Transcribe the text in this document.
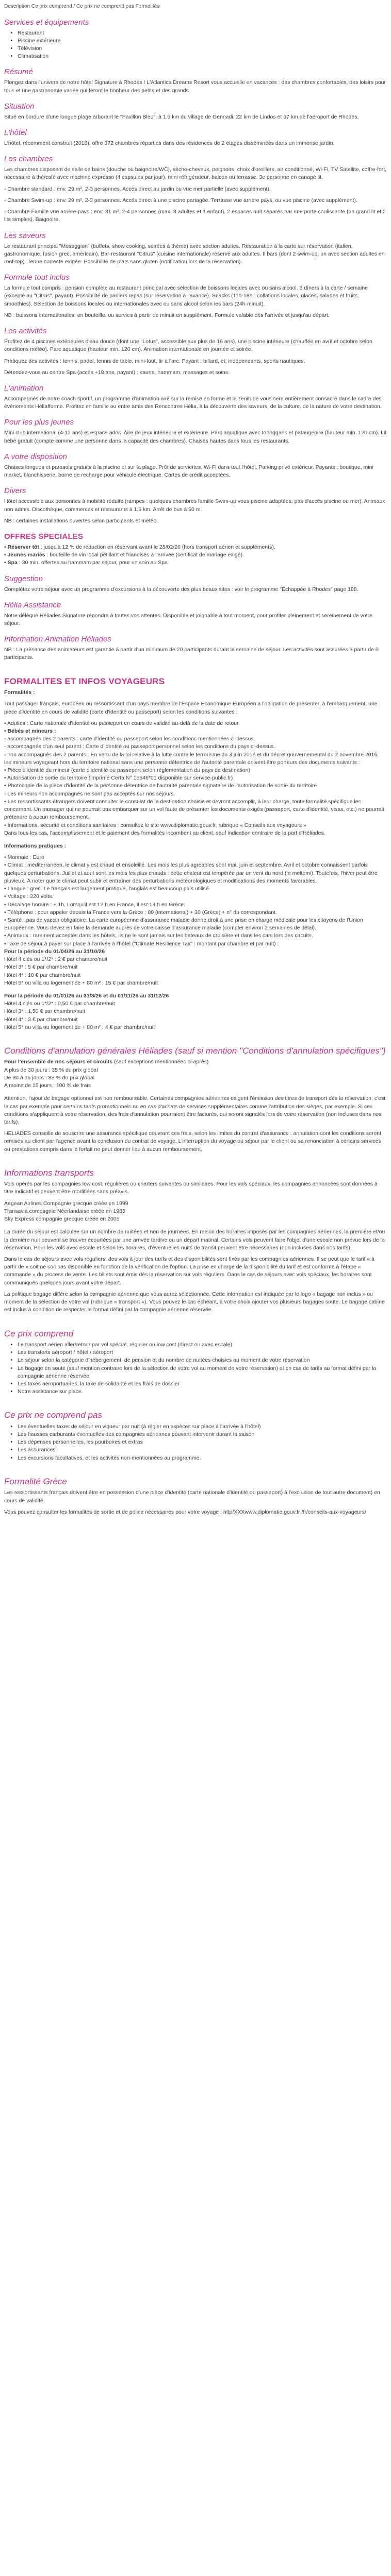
Description Ce prix comprend / Ce prix ne comprend pas Formalités
Services et équipements
• Restaurant
• Piscine extérieure
• Télévision
• Climatisation
Résumé

Plongez dans l'univers de notre hôtel Signature à Rhodes ! L'Atlantica Dreams Resort vous accueille en vacances : des chambres confortables, des loisirs pour tous et une gastronomie variée qui feront le bonheur des petits et des grands.

Situation

Situé en bordure d'une longue plage arborant le "Pavillon Bleu", à 1,5 km du village de Gennadi, 22 km de Lindos et 67 km de l'aéroport de Rhodes.

L'hôtel

L'hôtel, récemment construit (2018), offre 372 chambres réparties dans des résidences de 2 étages disséminées dans un immense jardin.

Les chambres

Les chambres disposent de salle de bains (douche ou baignoire/WC), sèche-cheveux, peignoirs, choix d'oreillers, air conditionné, Wi-Fi, TV Satellite, coffre-fort, nécessaire à thé/café avec machine expresso (4 capsules par jour), mini réfrigérateur, balcon ou terrasse. 3e personne en canapé lit.

- Chambre standard : env. 29 m², 2-3 personnes. Accès direct au jardin ou vue mer partielle (avec supplément).

- Chambre Swim-up : env. 29 m², 2-3 personnes. Accès direct à une piscine partagée. Terrasse vue arrière pays, ou vue piscine (avec supplément).

- Chambre Famille vue arrière-pays : env. 31 m², 2-4 personnes (max. 3 adultes et 1 enfant). 2 espaces nuit séparés par une porte coulissante (un grand lit et 2 lits simples). Baignoire.

Les saveurs

Le restaurant principal "Mosaggion" (buffets, show cooking, soirées à thème) avec section adultes. Restauration à la carte sur réservation (italien, gastronomique, fusion grec, américain). Bar-restaurant "Citrus" (cuisine internationale) réservé aux adultes. Il bars (dont 2 swim-up, un avec section adultes en roof-top). Tenue correcte exigée. Possibilité de plats sans gluten (notification lors de la réservation).

Formule tout inclus

La formule tout compris : pension complète au restaurant principal avec sélection de boissons locales avec ou sans alcool. 3 dîners à la carte / semaine (excepté au "Citrus", payant). Possibilité de paniers repas (sur réservation à l'avance). Snacks (11h-18h : collations locales, glaces, salades et fruits, smoothies). Sélection de boissons locales ou internationales avec ou sans alcool selon les bars (24h-minuit).

NB : boissons internationales, en bouteille, ou servies à partir de minuit en supplément. Formule valable dès l'arrivée et jusqu'au départ.

Les activités

Profitez de 4 piscines extérieures d'eau douce (dont une "Lotus", accessible aux plus de 16 ans), une piscine intérieure (chauffée en avril et octobre selon conditions météo). Parc aquatique (hauteur min. 120 cm). Animation internationale en journée et soirée.

Pratiquez des activités : tennis, padel, tennis de table, mini-foot, tir à l'arc. Payant : billard, et, indépendants, sports nautiques.

Détendez-vous au centre Spa (accès +18 ans, payant) : sauna, hammam, massages et soins.

L'animation

Accompagnés de notre coach sportif, un programme d'animation axé sur la remise en forme et la zenitude vous sera entièrement consacré dans le cadre des événements Héliafforme. Profitez en famille ou entre amis des Rencontres Hélia, à la découverte des saveurs, de la culture, de la nature de votre destination.

Pour les plus jeunes

Mini club international (4-12 ans) et espace ados. Aire de jeux intérieure et extérieure. Parc aquatique avec toboggans et pataugeoire (hauteur min. 120 cm). Lit bébé gratuit (compte comme une personne dans la capacité des chambres). Chaises hautes dans tous les restaurants.

A votre disposition

Chaises longues et parasols gratuits à la piscine et sur la plage. Prêt de serviettes. Wi-Fi dans tout l'hôtel. Parking privé extérieur. Payants : boutique, mini market, blanchisserie, borne de recharge pour véhicule électrique. Cartes de crédit acceptées.

Divers

Hôtel accessible aux personnes à mobilité réduite (rampes : quelques chambres famille Swim-up vous piscine adaptées, pas d'accès piscine ou mer). Animaux non admis. Discothèque, commerces et restaurants à 1,5 km. Arrêt de bus à 50 m.

NB : certaines installations ouvertes selon participants et météo.

OFFRES SPECIALES
• Réserver tôt : jusqu'à 12 % de réduction en réservant avant le 28/02/26 (hors transport aérien et suppléments).
• Jeunes mariés : bouteille de vin local pétillant et friandises à l'arrivée (certificat de mariage exigé).
• Spa : 30 min. offertes au hammam par séjour, pour un soin au Spa.
Suggestion

Complétez votre séjour avec un programme d'excursions à la découverte des plus beaux sites : voir le programme "Échappée à Rhodes" page 188.

Hélia Assistance

Notre délégué Héliades Signature répondra à toutes vos attentes. Disponible et joignable à tout moment, pour profiter pleinement et sereinement de votre séjour.

Information Animation Héliades

NB : La présence des animateurs est garantie à partir d'un minimum de 20 participants durant la semaine de séjour. Les activités sont assurées à partir de 5 participants.

FORMALITES ET INFOS VOYAGEURS

Formalités :

Tout passager français, européen ou ressortissant d'un pays membre de l'Espace Economique Européen a l'obligation de présenter, à l'embarquement, une pièce d'identité en cours de validité (carte d'identité ou passeport) selon les conditions suivantes :

• Adultes : Carte nationale d'identité ou passeport en cours de validité au-delà de la date de retour.
• Bébés et mineurs :
- accompagnés des 2 parents : carte d'identité ou passeport selon les conditions mentionnées ci-dessus.
- accompagnés d'un seul parent : Carte d'identité ou passeport personnel selon les conditions du pays ci-dessus.
- non accompagnés des 2 parents : En vertu de la loi relative à la lutte contre le terrorisme du 3 juin 2016 et du décret gouvernemental du 2 novembre 2016, les mineurs voyageant hors du territoire national sans une personne détentrice de l'autorité parentale doivent être porteurs des documents suivants :
• Pièce d'identité du mineur (carte d'identité ou passeport selon réglementation du pays de destination)
• Autorisation de sortie du territoire (imprimé Cerfa N° 15646*01 disponible sur service-public.fr)
• Photocopie de la pièce d'identité de la personne détentrice de l'autorité parentale signataire de l'autorisation de sortie du territoire
- Les mineurs non accompagnés ne sont pas acceptés sur nos séjours.
• Les ressortissants étrangers doivent consulter le consulat de la destination choisie et devront accomplir, à leur charge, toute formalité spécifique les concernant. Un passager qui ne pourrait pas embarquer sur un vol faute de présenter les documents exigés (passeport, carte d'identité, visas, etc.) ne pourrait prétendre à aucun remboursement.
• Informations, sécurité et conditions sanitaires : consultez le site www.diplomatie.gouv.fr, rubrique « Conseils aux voyageurs »
Dans tous les cas, l'accomplissement et le paiement des formalités incombent au client, sauf indication contraire de la part d'Héliades.

Informations pratiques :

• Monnaie : Euro
• Climat : méditerranéen, le climat y est chaud et ensoleillé. Les mois les plus agréables sont mai, juin et septembre. Avril et octobre connaissent parfois quelques perturbations. Juillet et aout sont les mois les plus chauds : cette chaleur est tempérée par un vent du nord (le meltemi). Toutefois, l'hiver peut être pluvieux. À noter que le climat peut subir et entraîner des perturbations météorologiques et modifications des moments favorables.
• Langue : grec. Le français est largement pratiqué, l'anglais est beaucoup plus utilisé.
• Voltage : 220 volts.
• Décalage horaire : + 1h. Lorsqu'il est 12 h en France, il est 13 h en Grèce.
• Téléphone : pour appeler depuis la France vers la Grèce : 00 (international) + 30 (Grèce) + n° du correspondant.
• Santé : pas de vaccin obligatoire. La carte européenne d'assurance maladie donne droit à une prise en charge médicale pour les citoyens de l'Union Européenne. Vous devez en faire la demande auprès de votre caisse d'assurance maladie (compter environ 2 semaines de délai).
• Animaux : rarement acceptés dans les hôtels, ils ne le sont jamais sur les bateaux de croisière et dans les cars lors des circuits.
• Taxe de séjour à payer sur place à l'arrivée à l'hôtel ("Climate Resilience Tax" : montant par chambre et par nuit) :
Pour la période du 01/04/26 au 31/10/26
Hôtel 4 clés ou 1*/2* : 2 € par chambre/nuit
Hôtel 3* : 5 € par chambre/nuit
Hôtel 4* : 10 € par chambre/nuit
Hôtel 5* ou villa ou logement de + 80 m² : 15 € par chambre/nuit
Pour la période du 01/01/26 au 31/3/26 et du 01/11/26 au 31/12/26
Hôtel 4 clés ou 1*/2* : 0,50 € par chambre/nuit
Hôtel 3* : 1,50 € par chambre/nuit
Hôtel 4* : 3 € par chambre/nuit
Hôtel 5* ou villa ou logement de + 80 m² : 4 € par chambre/nuit
Conditions d'annulation générales Héliades (sauf si mention "Conditions d'annulation spécifiques")

Pour l'ensemble de nos séjours et circuits (sauf exceptions mentionnées ci-après)

A plus de 30 jours : 35 % du prix global
De 30 à 15 jours : 85 % du prix global
A moins de 15 jours : 100 % de frais

Attention, l'ajout de bagage optionnel est non remboursable. Certaines compagnies aériennes exigent l'émission des titres de transport dès la réservation, c'est le cas par exemple pour certains tarifs promotionnels ou en cas d'achats de services supplémentaires comme l'attribution des sièges, par exemple. Si ces conditions s'appliquent à votre réservation, des frais d'annulation pourraient être facturés, qui seront signalés lors de votre réservation (non incluses dans nos tarifs).

HELIADES conseille de souscrire une assurance spécifique couvrant ces frais, selon les limites du contrat d'assurance : annulation dont les conditions seront remises au client par l'agence avant la conclusion du contrat de voyage. L'interruption du voyage ou séjour par le client ou sa renonciation à certains services ou prestations compris dans le forfait ne peut donner lieu à aucun remboursement.

Informations transports

Vols opérés par les compagnies low cost, régulières ou charters suivantes ou similaires. Pour les vols spéciaux, les compagnies annoncées sont données à titre indicatif et peuvent être modifiées sans préavis.

Aegean Airlines Compagnie grecque créée en 1999
Transavia compagnie Néerlandaise créée en 1965
Sky Express compagnie grecque créée en 2005

La durée du séjour est calculée sur un nombre de nuitées et non de journées. En raison des horaires imposés par les compagnies aériennes, la première et/ou la dernière nuit peuvent se trouver écourtées par une arrivée tardive ou un départ matinal. Certains vols peuvent faire l'objet d'une escale non prévue lors de la réservation. Pour les vols avec escale et selon les horaires, d'éventuelles nuits de transit peuvent être nécessaires (non incluses dans nos tarifs).

Dans le cas de séjours avec vols réguliers, des vols à jour des tarifs et des disponibilités sont fixés par les compagnies aériennes. Il se peut que le tarif « à partir de » soit ne soit pas disponible en fonction de la vérification de l'option. La prise en charge de la disponibilité du tarif et est conforme à l'étape « commande » du process de vente. Les billets sont émis dès la réservation sur vols réguliers. Dans le cas de séjours avec vols spéciaux, les horaires sont communiqués quelques jours avant votre départ.

La politique bagage diffère selon la compagnie aérienne que vous aurez sélectionnée. Cette information est indiquée par le logo « bagage non inclus » ou moment de la sélection de votre vol (rubrique « transport »). Vous pouvez le cas échéant, à votre choix ajouter vos plusieurs bagages soute. Le bagage cabine est inclus à condition de respecter le format défini par la compagnie aérienne réservée.

Ce prix comprend
• Le transport aérien aller/retour par vol spécial, régulier ou low cost (direct ou avec escale)
• Les transferts aéroport / hôtel / aéroport
• Le séjour selon la catégorie d'hébergement, de pension et du nombre de nuitées choisies au moment de votre réservation
• Le bagage en soute (sauf mention contraire lors de la sélection de votre vol au moment de votre réservation) et en cas de tarifs au format défini par la compagnie aérienne réservée
• Les taxes aéroportuaires, la taxe de solidarité et les frais de dossier
• Notre assistance sur place.
Ce prix ne comprend pas
• Les éventuelles taxes de séjour en vigueur par nuit (à régler en espèces sur place à l'arrivée à l'hôtel)
• Les hausses carburants éventuelles des compagnies aériennes pouvant intervenir durant la saison
• Les dépenses personnelles, les pourboires et extras
• Les assurances
• Les excursions facultatives, et les activités non-mentionnées au programme.
Formalité Grèce

Les ressortissants français doivent être en possession d'une pièce d'identité (carte nationale d'identité ou passeport) à l'exclusion de tout autre document) en cours de validité.

Vous pouvez consulter les formalités de sortie et de police nécessaires pour votre voyage : http/XXXwww.diplomatie.gouv.fr /fr/conseils-aux-voyageurs/
